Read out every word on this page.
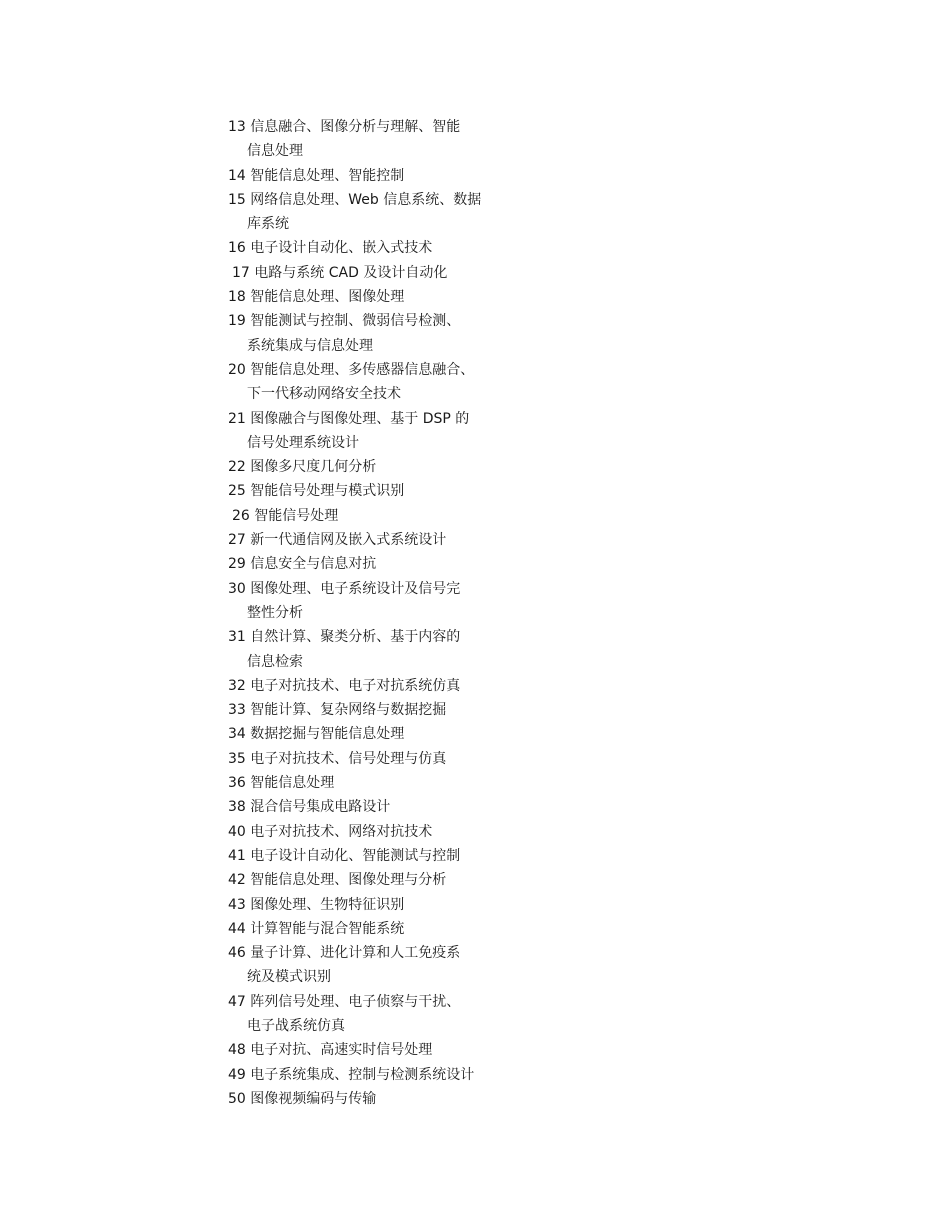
13 信息融合、图像分析与理解、智能
信息处理
14 智能信息处理、智能控制
15 网络信息处理、Web 信息系统、数据
库系统
16 电子设计自动化、嵌入式技术
17 电路与系统 CAD 及设计自动化
18 智能信息处理、图像处理
19 智能测试与控制、微弱信号检测、
系统集成与信息处理
20 智能信息处理、多传感器信息融合、
下一代移动网络安全技术
21 图像融合与图像处理、基于 DSP 的
信号处理系统设计
22 图像多尺度几何分析
25 智能信号处理与模式识别
26 智能信号处理
27 新一代通信网及嵌入式系统设计
29 信息安全与信息对抗
30 图像处理、电子系统设计及信号完
整性分析
31 自然计算、聚类分析、基于内容的
信息检索
32 电子对抗技术、电子对抗系统仿真
33 智能计算、复杂网络与数据挖掘
34 数据挖掘与智能信息处理
35 电子对抗技术、信号处理与仿真
36 智能信息处理
38 混合信号集成电路设计
40 电子对抗技术、网络对抗技术
41 电子设计自动化、智能测试与控制
42 智能信息处理、图像处理与分析
43 图像处理、生物特征识别
44 计算智能与混合智能系统
46 量子计算、进化计算和人工免疫系
统及模式识别
47 阵列信号处理、电子侦察与干扰、
电子战系统仿真
48 电子对抗、高速实时信号处理
49 电子系统集成、控制与检测系统设计
50 图像视频编码与传输
